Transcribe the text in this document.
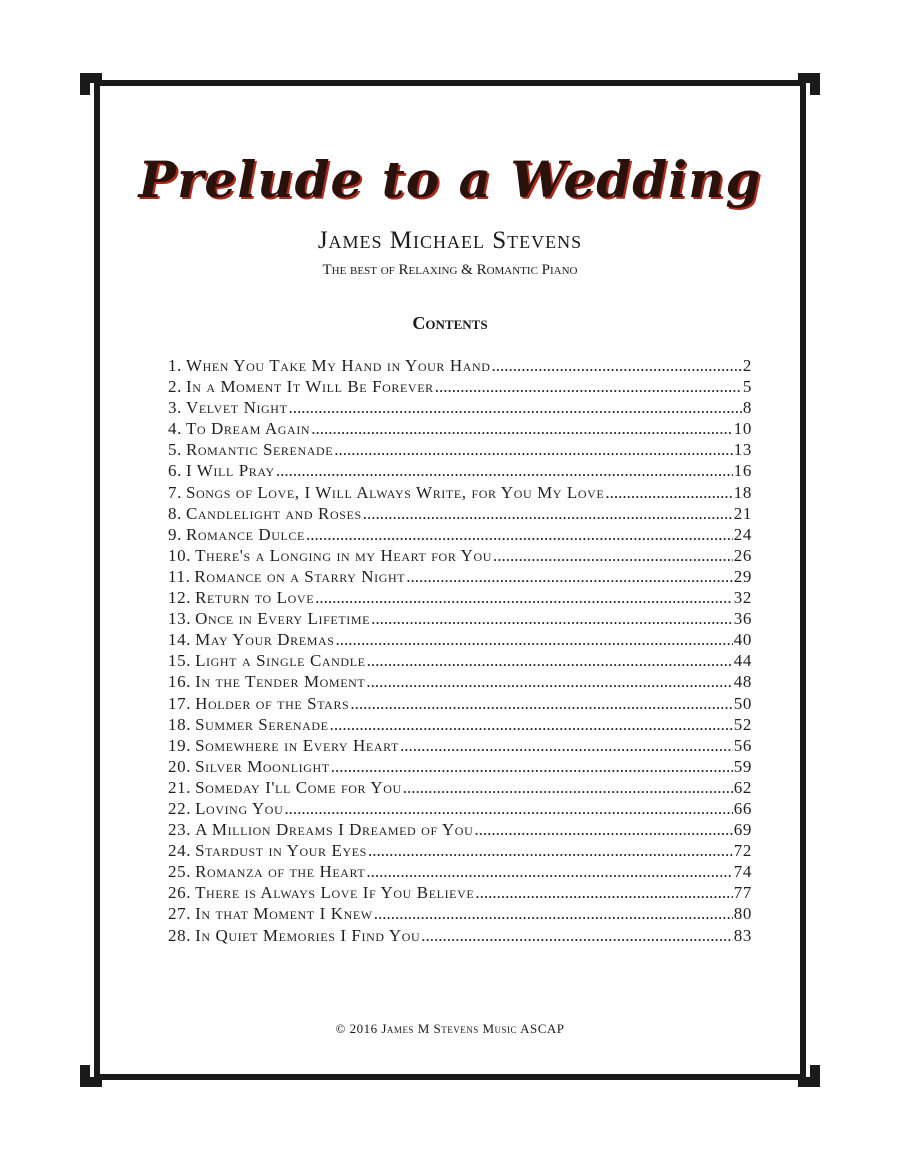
Prelude to a Wedding
James Michael Stevens
The best of Relaxing & Romantic Piano
Contents
1. When You Take My Hand in Your Hand .....	2
2. In a Moment It Will Be Forever .....	5
3. Velvet Night .....	8
4. To Dream Again .....	10
5. Romantic Serenade .....	13
6. I Will Pray .....	16
7. Songs of Love, I Will Always Write, for You My Love .....	18
8. Candlelight and Roses .....	21
9. Romance Dulce .....	24
10. There's a Longing in my Heart for You .....	26
11. Romance on a Starry Night .....	29
12. Return to Love .....	32
13. Once in Every Lifetime .....	36
14. May Your Dremas .....	40
15. Light a Single Candle .....	44
16. In the Tender Moment .....	48
17. Holder of the Stars .....	50
18. Summer Serenade .....	52
19. Somewhere in Every Heart .....	56
20. Silver Moonlight .....	59
21. Someday I'll Come for You .....	62
22. Loving You .....	66
23. A Million Dreams I Dreamed of You .....	69
24. Stardust in Your Eyes .....	72
25. Romanza of the Heart .....	74
26. There is Always Love If You Believe .....	77
27. In that Moment I Knew .....	80
28. In Quiet Memories I Find You .....	83
© 2016 James M Stevens Music ASCAP
